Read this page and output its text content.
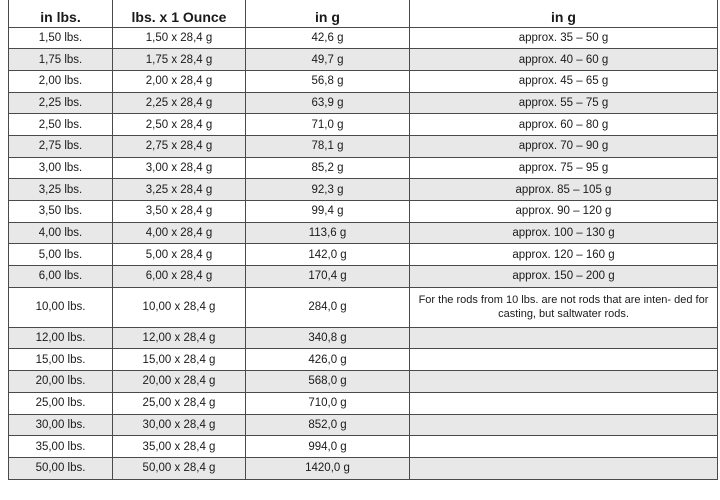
in lbs.	lbs. x 1 Ounce	in g	in g
1,50 lbs.	1,50 x 28,4 g	42,6 g	approx. 35 – 50 g
1,75 lbs.	1,75 x 28,4 g	49,7 g	approx. 40 – 60 g
2,00 lbs.	2,00 x 28,4 g	56,8 g	approx. 45 – 65 g
2,25 lbs.	2,25 x 28,4 g	63,9 g	approx. 55 – 75 g
2,50 lbs.	2,50 x 28,4 g	71,0 g	approx. 60 – 80 g
2,75 lbs.	2,75 x 28,4 g	78,1 g	approx. 70 – 90 g
3,00 lbs.	3,00 x 28,4 g	85,2 g	approx. 75 – 95 g
3,25 lbs.	3,25 x 28,4 g	92,3 g	approx. 85 – 105 g
3,50 lbs.	3,50 x 28,4 g	99,4 g	approx. 90 – 120 g
4,00 lbs.	4,00 x 28,4 g	113,6 g	approx. 100 – 130 g
5,00 lbs.	5,00 x 28,4 g	142,0 g	approx. 120 – 160 g
6,00 lbs.	6,00 x 28,4 g	170,4 g	approx. 150 – 200 g
10,00 lbs.	10,00 x 28,4 g	284,0 g	For the rods from 10 lbs. are not rods that are inten- ded for casting, but saltwater rods.
12,00 lbs.	12,00 x 28,4 g	340,8 g	
15,00 lbs.	15,00 x 28,4 g	426,0 g	
20,00 lbs.	20,00 x 28,4 g	568,0 g	
25,00 lbs.	25,00 x 28,4 g	710,0 g	
30,00 lbs.	30,00 x 28,4 g	852,0 g	
35,00 lbs.	35,00 x 28,4 g	994,0 g	
50,00 lbs.	50,00 x 28,4 g	1420,0 g	
